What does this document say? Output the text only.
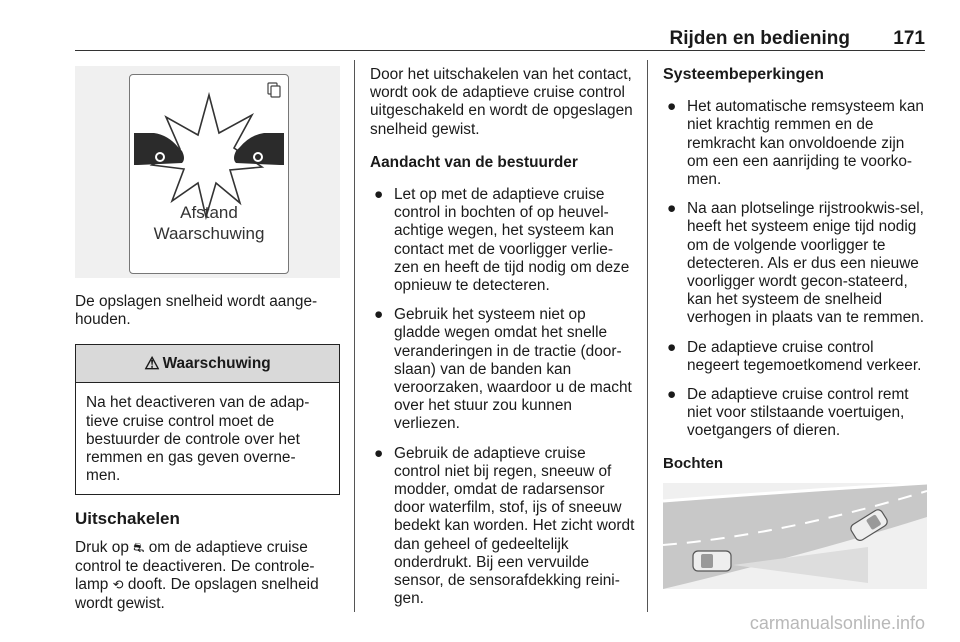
Rijden en bediening 171
Afstand
Waarschuwing

De opslagen snelheid wordt aange-houden.

⚠ Waarschuwing
Na het deactiveren van de adap-tieve cruise control moet de bestuurder de controle over het remmen en gas geven overne-men.
Uitschakelen

Druk op ⛐ om de adaptieve cruise control te deactiveren. De controle-lamp ⟲ dooft. De opslagen snelheid wordt gewist.

Door het uitschakelen van het contact, wordt ook de adaptieve cruise control uitgeschakeld en wordt de opgeslagen snelheid gewist.

Aandacht van de bestuurder
● Let op met de adaptieve cruise control in bochten of op heuvel-achtige wegen, het systeem kan contact met de voorligger verlie-zen en heeft de tijd nodig om deze opnieuw te detecteren.
● Gebruik het systeem niet op gladde wegen omdat het snelle veranderingen in de tractie (door-slaan) van de banden kan veroorzaken, waardoor u de macht over het stuur zou kunnen verliezen.
● Gebruik de adaptieve cruise control niet bij regen, sneeuw of modder, omdat de radarsensor door waterfilm, stof, ijs of sneeuw bedekt kan worden. Het zicht wordt dan geheel of gedeeltelijk onderdrukt. Bij een vervuilde sensor, de sensorafdekking reini-gen.
Systeembeperkingen
● Het automatische remsysteem kan niet krachtig remmen en de remkracht kan onvoldoende zijn om een een aanrijding te voorko-men.
● Na aan plotselinge rijstrookwis-sel, heeft het systeem enige tijd nodig om de volgende voorligger te detecteren. Als er dus een nieuwe voorligger wordt gecon-stateerd, kan het systeem de snelheid verhogen in plaats van te remmen.
● De adaptieve cruise control negeert tegemoetkomend verkeer.
● De adaptieve cruise control remt niet voor stilstaande voertuigen, voetgangers of dieren.
Bochten
carmanualsonline.info
